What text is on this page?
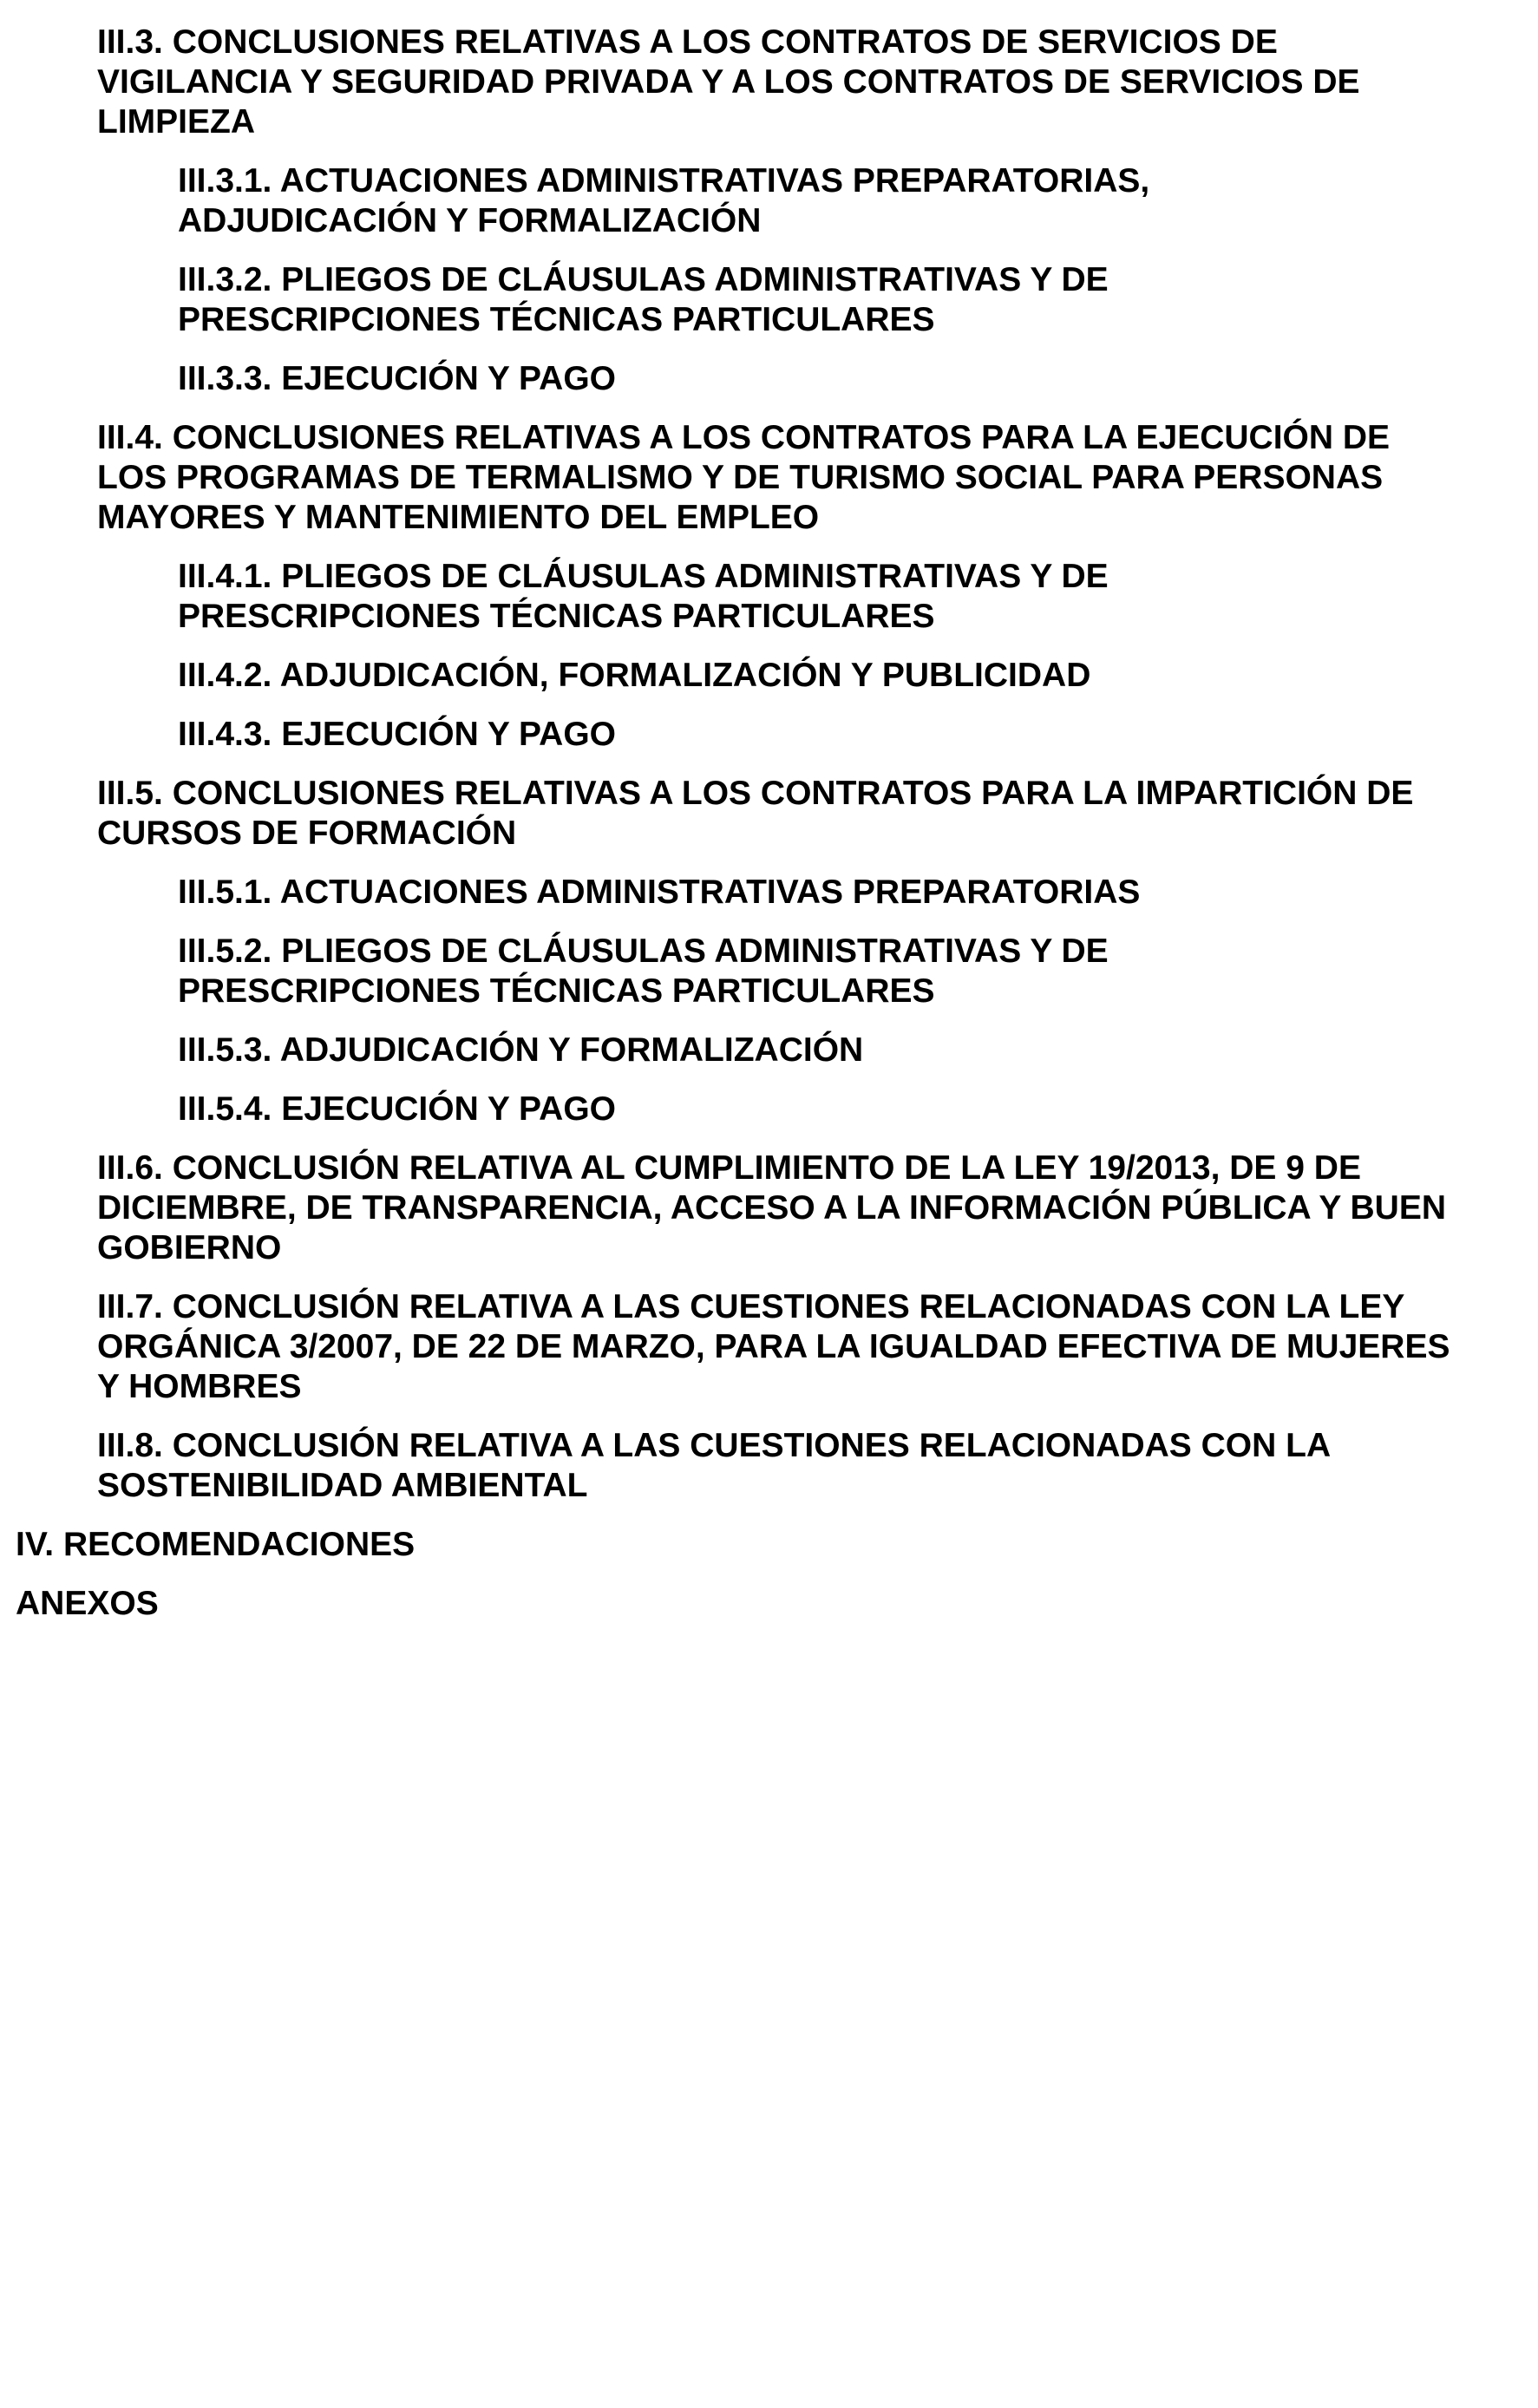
III.3. CONCLUSIONES RELATIVAS A LOS CONTRATOS DE SERVICIOS DE VIGILANCIA Y SEGURIDAD PRIVADA Y A LOS CONTRATOS DE SERVICIOS DE LIMPIEZA
III.3.1. ACTUACIONES ADMINISTRATIVAS PREPARATORIAS, ADJUDICACIÓN Y FORMALIZACIÓN
III.3.2. PLIEGOS DE CLÁUSULAS ADMINISTRATIVAS Y DE PRESCRIPCIONES TÉCNICAS PARTICULARES
III.3.3. EJECUCIÓN Y PAGO
III.4. CONCLUSIONES RELATIVAS A LOS CONTRATOS PARA LA EJECUCIÓN DE LOS PROGRAMAS DE TERMALISMO Y DE TURISMO SOCIAL PARA PERSONAS MAYORES Y MANTENIMIENTO DEL EMPLEO
III.4.1. PLIEGOS DE CLÁUSULAS ADMINISTRATIVAS Y DE PRESCRIPCIONES TÉCNICAS PARTICULARES
III.4.2. ADJUDICACIÓN, FORMALIZACIÓN Y PUBLICIDAD
III.4.3. EJECUCIÓN Y PAGO
III.5. CONCLUSIONES RELATIVAS A LOS CONTRATOS PARA LA IMPARTICIÓN DE CURSOS DE FORMACIÓN
III.5.1. ACTUACIONES ADMINISTRATIVAS PREPARATORIAS
III.5.2. PLIEGOS DE CLÁUSULAS ADMINISTRATIVAS Y DE PRESCRIPCIONES TÉCNICAS PARTICULARES
III.5.3. ADJUDICACIÓN Y FORMALIZACIÓN
III.5.4. EJECUCIÓN Y PAGO
III.6. CONCLUSIÓN RELATIVA AL CUMPLIMIENTO DE LA LEY 19/2013, DE 9 DE DICIEMBRE, DE TRANSPARENCIA, ACCESO A LA INFORMACIÓN PÚBLICA Y BUEN GOBIERNO
III.7. CONCLUSIÓN RELATIVA A LAS CUESTIONES RELACIONADAS CON LA LEY ORGÁNICA 3/2007, DE 22 DE MARZO, PARA LA IGUALDAD EFECTIVA DE MUJERES Y HOMBRES
III.8. CONCLUSIÓN RELATIVA A LAS CUESTIONES RELACIONADAS CON LA SOSTENIBILIDAD AMBIENTAL
IV. RECOMENDACIONES
ANEXOS
